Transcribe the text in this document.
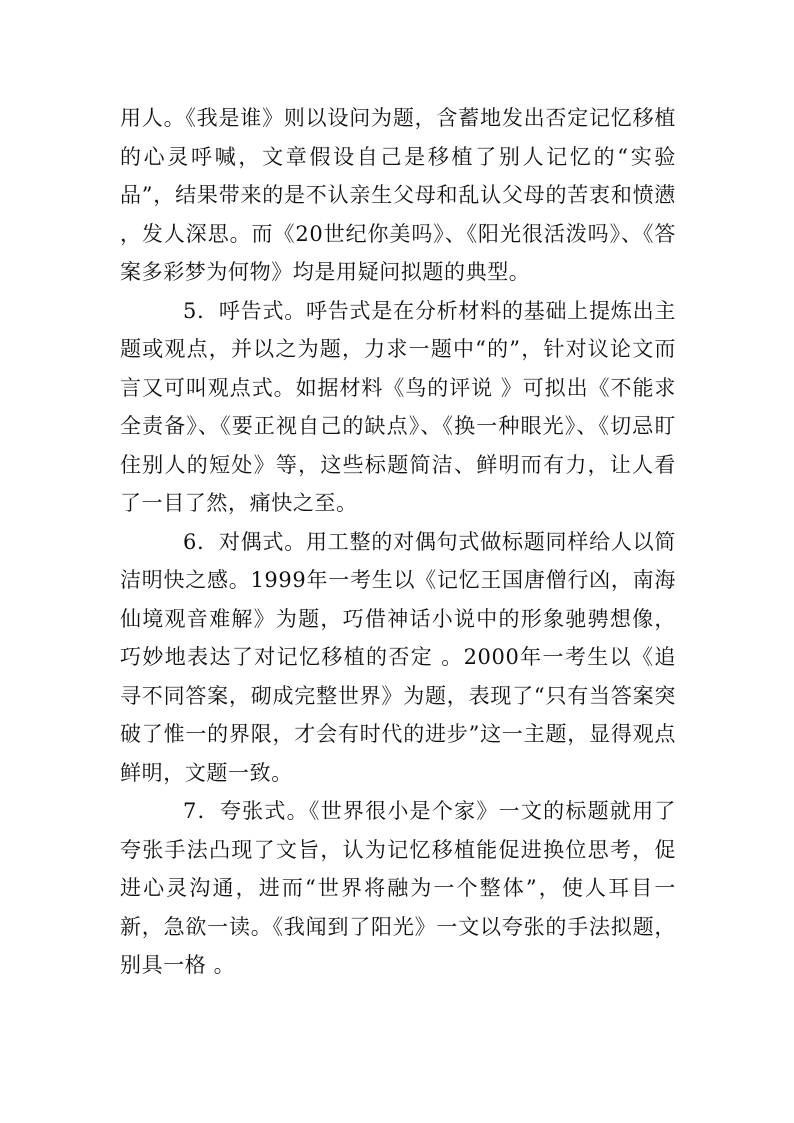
用人。《我是谁》则以设问为题，含蓄地发出否定记忆移植的心灵呼喊，文章假设自己是移植了别人记忆的“实验品”，结果带来的是不认亲生父母和乱认父母的苦衷和愤懑 ，发人深思。而《20世纪你美吗》、《阳光很活泼吗》、《答案多彩梦为何物》均是用疑问拟题的典型。

5．呼告式。呼告式是在分析材料的基础上提炼出主题或观点，并以之为题，力求一题中“的”，针对议论文而言又可叫观点式。如据材料《鸟的评说 》可拟出《不能求全责备》、《要正视自己的缺点》、《换一种眼光》、《切忌盯住别人的短处》等，这些标题简洁、鲜明而有力，让人看了一目了然，痛快之至。

6．对偶式。用工整的对偶句式做标题同样给人以简洁明快之感。1999年一考生以《记忆王国唐僧行凶，南海仙境观音难解》为题，巧借神话小说中的形象驰骋想像，巧妙地表达了对记忆移植的否定 。2000年一考生以《追寻不同答案，砌成完整世界》为题，表现了“只有当答案突破了惟一的界限，才会有时代的进步”这一主题，显得观点鲜明，文题一致。

7．夸张式。《世界很小是个家》一文的标题就用了夸张手法凸现了文旨，认为记忆移植能促进换位思考，促进心灵沟通，进而“世界将融为一个整体”，使人耳目一新，急欲一读。《我闻到了阳光》一文以夸张的手法拟题，别具一格 。
